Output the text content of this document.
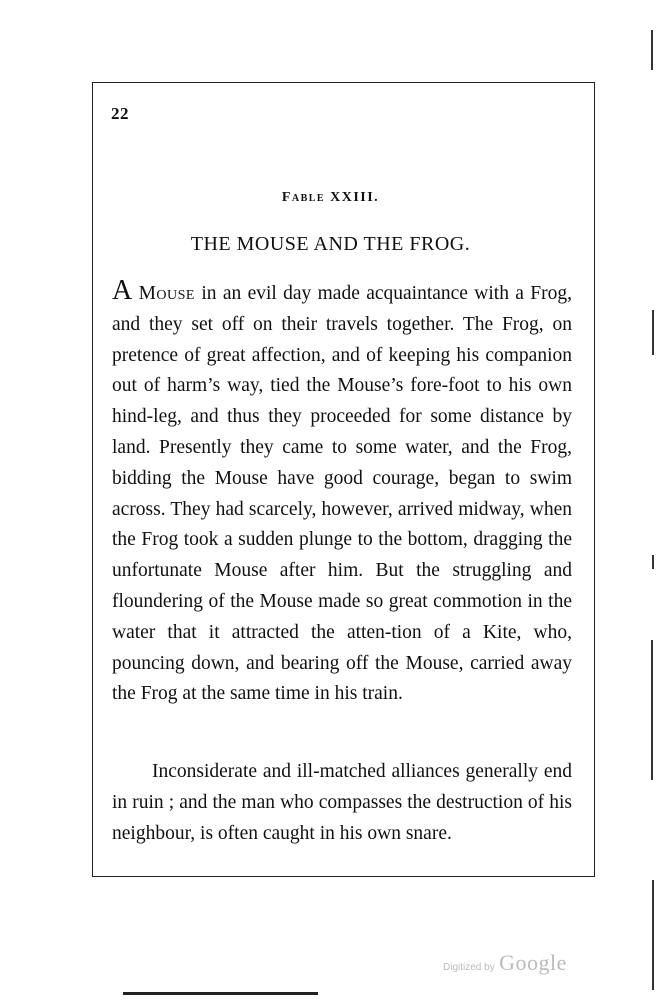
22
Fable XXIII.
THE MOUSE AND THE FROG.
A Mouse in an evil day made acquaintance with a Frog, and they set off on their travels together. The Frog, on pretence of great affection, and of keeping his companion out of harm’s way, tied the Mouse’s fore-foot to his own hind-leg, and thus they proceeded for some distance by land. Presently they came to some water, and the Frog, bidding the Mouse have good courage, began to swim across. They had scarcely, however, arrived midway, when the Frog took a sudden plunge to the bottom, dragging the unfortunate Mouse after him. But the struggling and floundering of the Mouse made so great commotion in the water that it attracted the atten-tion of a Kite, who, pouncing down, and bearing off the Mouse, carried away the Frog at the same time in his train.
Inconsiderate and ill-matched alliances generally end in ruin ; and the man who compasses the destruction of his neighbour, is often caught in his own snare.
Digitized by Google
